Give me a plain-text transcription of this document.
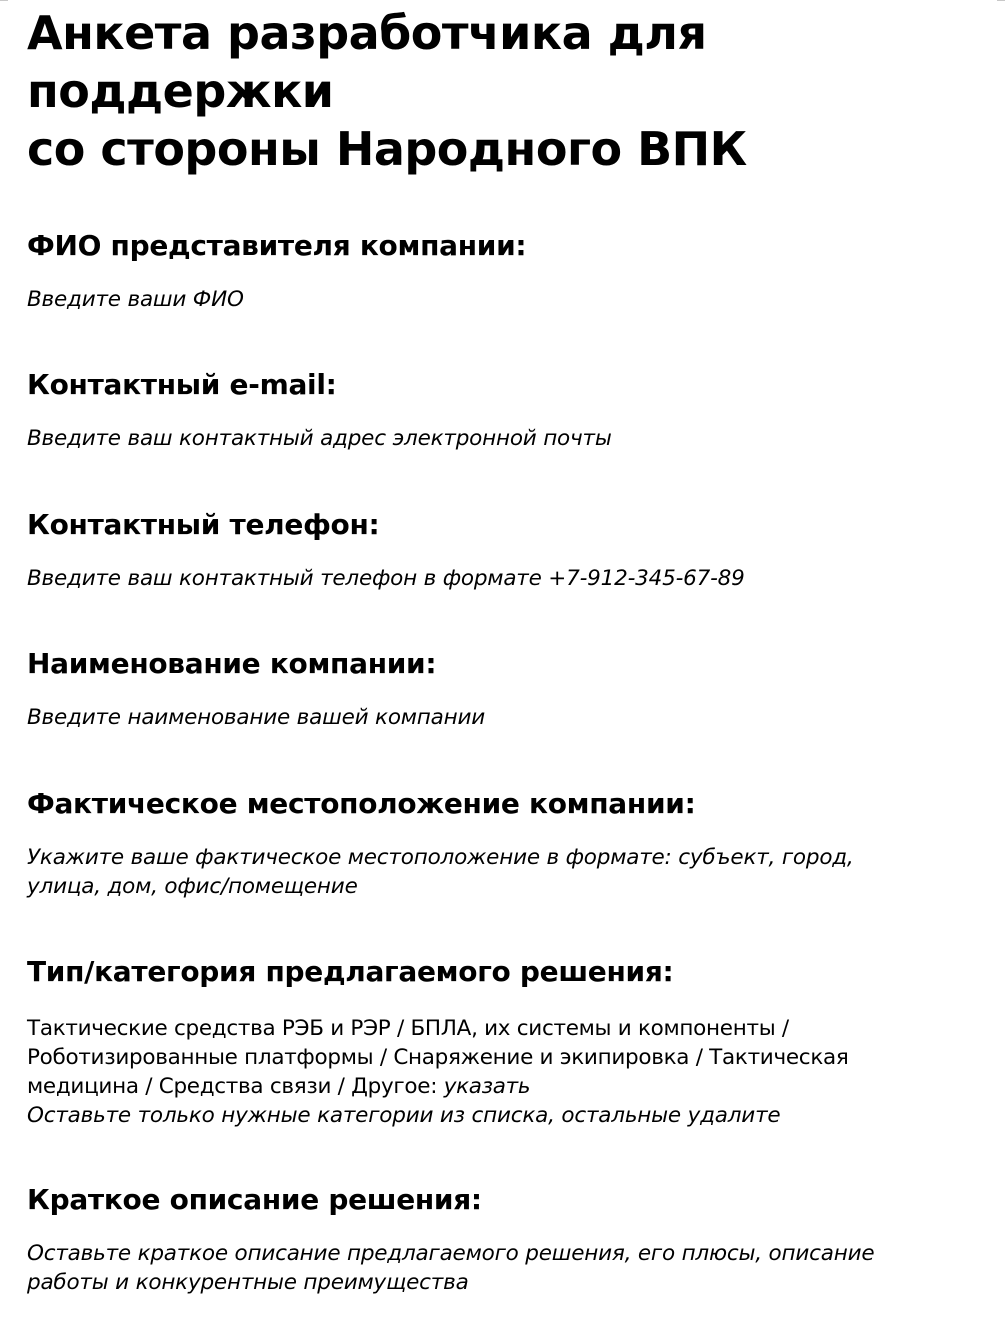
Анкета разработчика для
поддержки
со стороны Народного ВПК

ФИО представителя компании:

Введите ваши ФИО

Контактный e-mail:

Введите ваш контактный адрес электронной почты

Контактный телефон:

Введите ваш контактный телефон в формате +7-912-345-67-89

Наименование компании:

Введите наименование вашей компании

Фактическое местоположение компании:

Укажите ваше фактическое местоположение в формате: субъект, город,
улица, дом, офис/помещение

Тип/категория предлагаемого решения:

Тактические средства РЭБ и РЭР / БПЛА, их системы и компоненты /
Роботизированные платформы / Снаряжение и экипировка / Тактическая
медицина / Средства связи / Другое: указать

Оставьте только нужные категории из списка, остальные удалите

Краткое описание решения:

Оставьте краткое описание предлагаемого решения, его плюсы, описание
работы и конкурентные преимущества
